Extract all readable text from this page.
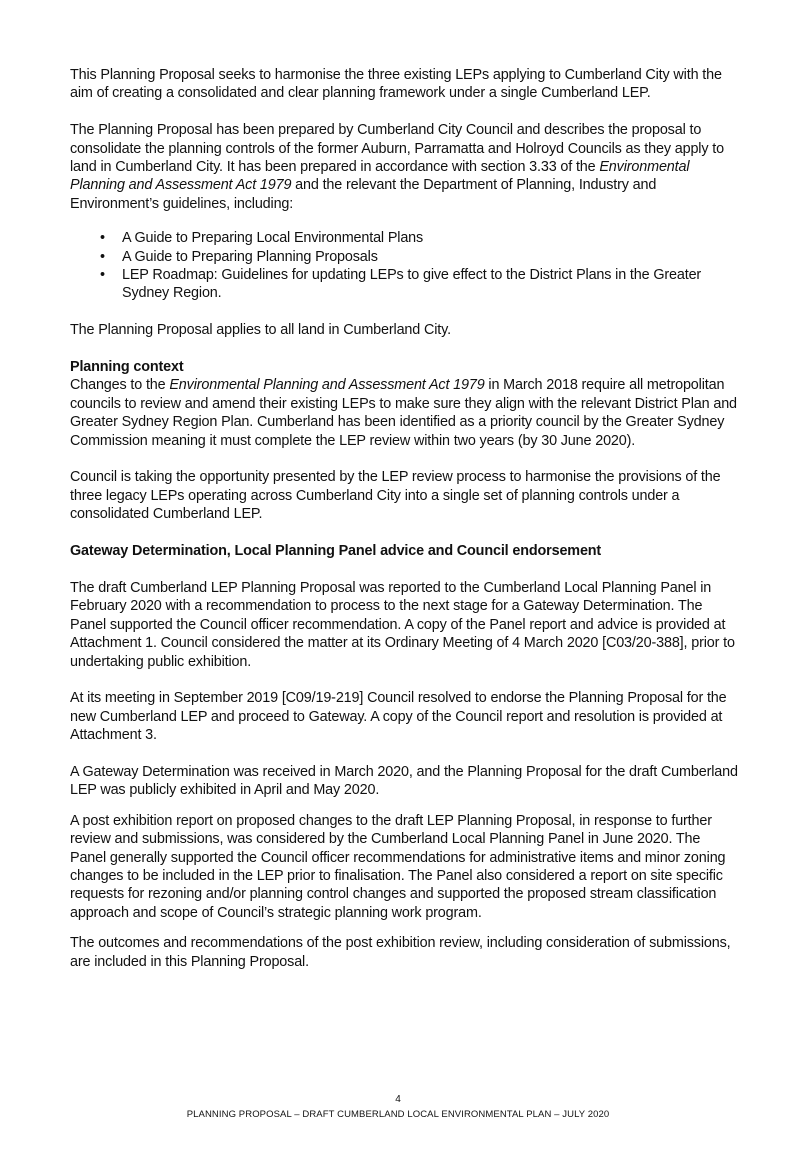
This Planning Proposal seeks to harmonise the three existing LEPs applying to Cumberland City with the aim of creating a consolidated and clear planning framework under a single Cumberland LEP.

The Planning Proposal has been prepared by Cumberland City Council and describes the proposal to consolidate the planning controls of the former Auburn, Parramatta and Holroyd Councils as they apply to land in Cumberland City. It has been prepared in accordance with section 3.33 of the Environmental Planning and Assessment Act 1979 and the relevant the Department of Planning, Industry and Environment’s guidelines, including:

• A Guide to Preparing Local Environmental Plans
• A Guide to Preparing Planning Proposals
• LEP Roadmap: Guidelines for updating LEPs to give effect to the District Plans in the Greater Sydney Region.

The Planning Proposal applies to all land in Cumberland City.

Planning context

Changes to the Environmental Planning and Assessment Act 1979 in March 2018 require all metropolitan councils to review and amend their existing LEPs to make sure they align with the relevant District Plan and Greater Sydney Region Plan. Cumberland has been identified as a priority council by the Greater Sydney Commission meaning it must complete the LEP review within two years (by 30 June 2020).

Council is taking the opportunity presented by the LEP review process to harmonise the provisions of the three legacy LEPs operating across Cumberland City into a single set of planning controls under a consolidated Cumberland LEP.

Gateway Determination, Local Planning Panel advice and Council endorsement

The draft Cumberland LEP Planning Proposal was reported to the Cumberland Local Planning Panel in February 2020 with a recommendation to process to the next stage for a Gateway Determination. The Panel supported the Council officer recommendation. A copy of the Panel report and advice is provided at Attachment 1. Council considered the matter at its Ordinary Meeting of 4 March 2020 [C03/20-388], prior to undertaking public exhibition.

At its meeting in September 2019 [C09/19-219] Council resolved to endorse the Planning Proposal for the new Cumberland LEP and proceed to Gateway. A copy of the Council report and resolution is provided at Attachment 3.

A Gateway Determination was received in March 2020, and the Planning Proposal for the draft Cumberland LEP was publicly exhibited in April and May 2020.

A post exhibition report on proposed changes to the draft LEP Planning Proposal, in response to further review and submissions, was considered by the Cumberland Local Planning Panel in June 2020. The Panel generally supported the Council officer recommendations for administrative items and minor zoning changes to be included in the LEP prior to finalisation. The Panel also considered a report on site specific requests for rezoning and/or planning control changes and supported the proposed stream classification approach and scope of Council’s strategic planning work program.

The outcomes and recommendations of the post exhibition review, including consideration of submissions, are included in this Planning Proposal.

4
PLANNING PROPOSAL – DRAFT CUMBERLAND LOCAL ENVIRONMENTAL PLAN – JULY 2020
